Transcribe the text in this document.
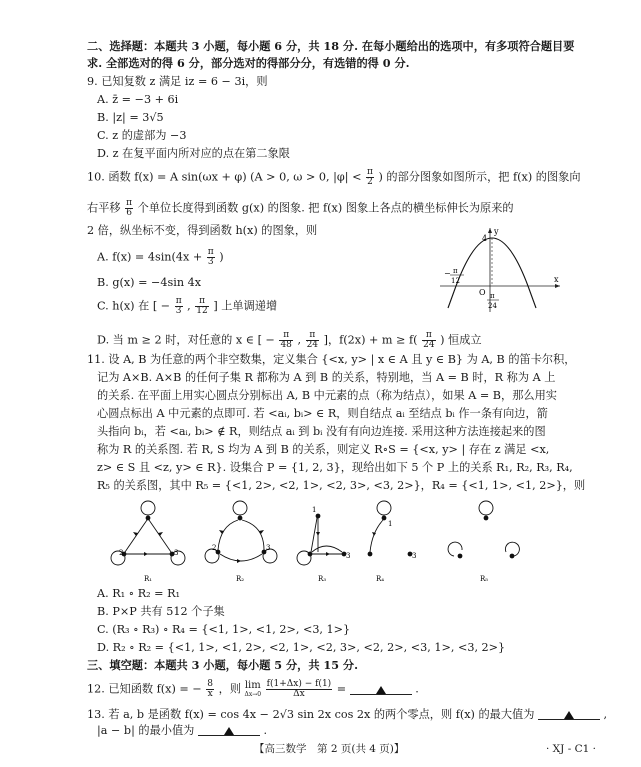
二、选择题：本题共 3 小题，每小题 6 分，共 18 分. 在每小题给出的选项中，有多项符合题目要
求. 全部选对的得 6 分，部分选对的得部分分，有选错的得 0 分.
9. 已知复数 z 满足 iz = 6 − 3i，则
A. z̄ = −3 + 6i
B. |z| = 3√5
C. z 的虚部为 −3
D. z 在复平面内所对应的点在第二象限
10. 函数 f(x) = A sin(ωx + φ) (A > 0, ω > 0, $|\varphi| < \frac{\pi}{2}$ ) 的部分图象如图所示，把 f(x) 的图象向
右平移 $\frac{\pi}{6}$ 个单位长度得到函数 g(x) 的图象. 把 f(x) 图象上各点的横坐标伸长为原来的
2 倍，纵坐标不变，得到函数 h(x) 的图象，则
A. $f(x) = 4\sin(4x + \frac{\pi}{3}$ )
B. g(x) = −4sin 4x
C. h(x) 在 [ − $\frac{\pi}{3}$ , $\frac{\pi}{12}$ ] 上单调递增
D. 当 m ≥ 2 时，对任意的 x ∈ [ − $\frac{\pi}{48}$ , $\frac{\pi}{24}$ ]，$f(2x) + m \ge f( \frac{\pi}{24}$ ) 恒成立
y
x
4
O
− π
12
π
24
11. 设 A, B 为任意的两个非空数集，定义集合 {<x, y> | x ∈ A 且 y ∈ B} 为 A, B 的笛卡尔积，
记为 A×B. A×B 的任何子集 R 都称为 A 到 B 的关系，特别地，当 A = B 时，R 称为 A 上
的关系. 在平面上用实心圆点分别标出 A, B 中元素的点（称为结点），如果 A = B，那么用实
心圆点标出 A 中元素的点即可. 若 <aᵢ, bᵢ> ∈ R，则自结点 aᵢ 至结点 bᵢ 作一条有向边，箭
头指向 bᵢ，若 <aᵢ, bᵢ> ∉ R，则结点 aᵢ 到 bᵢ 没有有向边连接. 采用这种方法连接起来的图
称为 R 的关系图. 若 R, S 均为 A 到 B 的关系，则定义 R∘S = {<x, y> | 存在 z 满足 <x,
z> ∈ S 且 <z, y> ∈ R}. 设集合 P = {1, 2, 3}，现给出如下 5 个 P 上的关系 R₁, R₂, R₃, R₄,
R₅ 的关系图，其中 R₅ = {<1, 2>, <2, 1>, <2, 3>, <3, 2>}，R₄ = {<1, 1>, <1, 2>}，则
2	3
R₁
2	3
R₂
1
3
R₃
1
3
R₄	R₅
A. R₁ ∘ R₂ = R₁
B. P×P 共有 512 个子集
C. (R₃ ∘ R₃) ∘ R₄ = {<1, 1>, <1, 2>, <3, 1>}
D. R₂ ∘ R₂ = {<1, 1>, <1, 2>, <2, 1>, <2, 3>, <2, 2>, <3, 1>, <3, 2>}
三、填空题：本题共 3 小题，每小题 5 分，共 15 分.
12. 已知函数 f(x) = − $\frac{8}{x}$ ，则 lim
Δx→0
$\frac{f(1+\Delta x) - f(1)}{\Delta x}$ =	.
13. 若 a, b 是函数 f(x) = cos 4x − 2√3 sin 2x cos 2x 的两个零点，则 f(x) 的最大值为	,
|a − b| 的最小值为	.
【高三数学　第 2 页(共 4 页)】	· XJ - C1 ·
